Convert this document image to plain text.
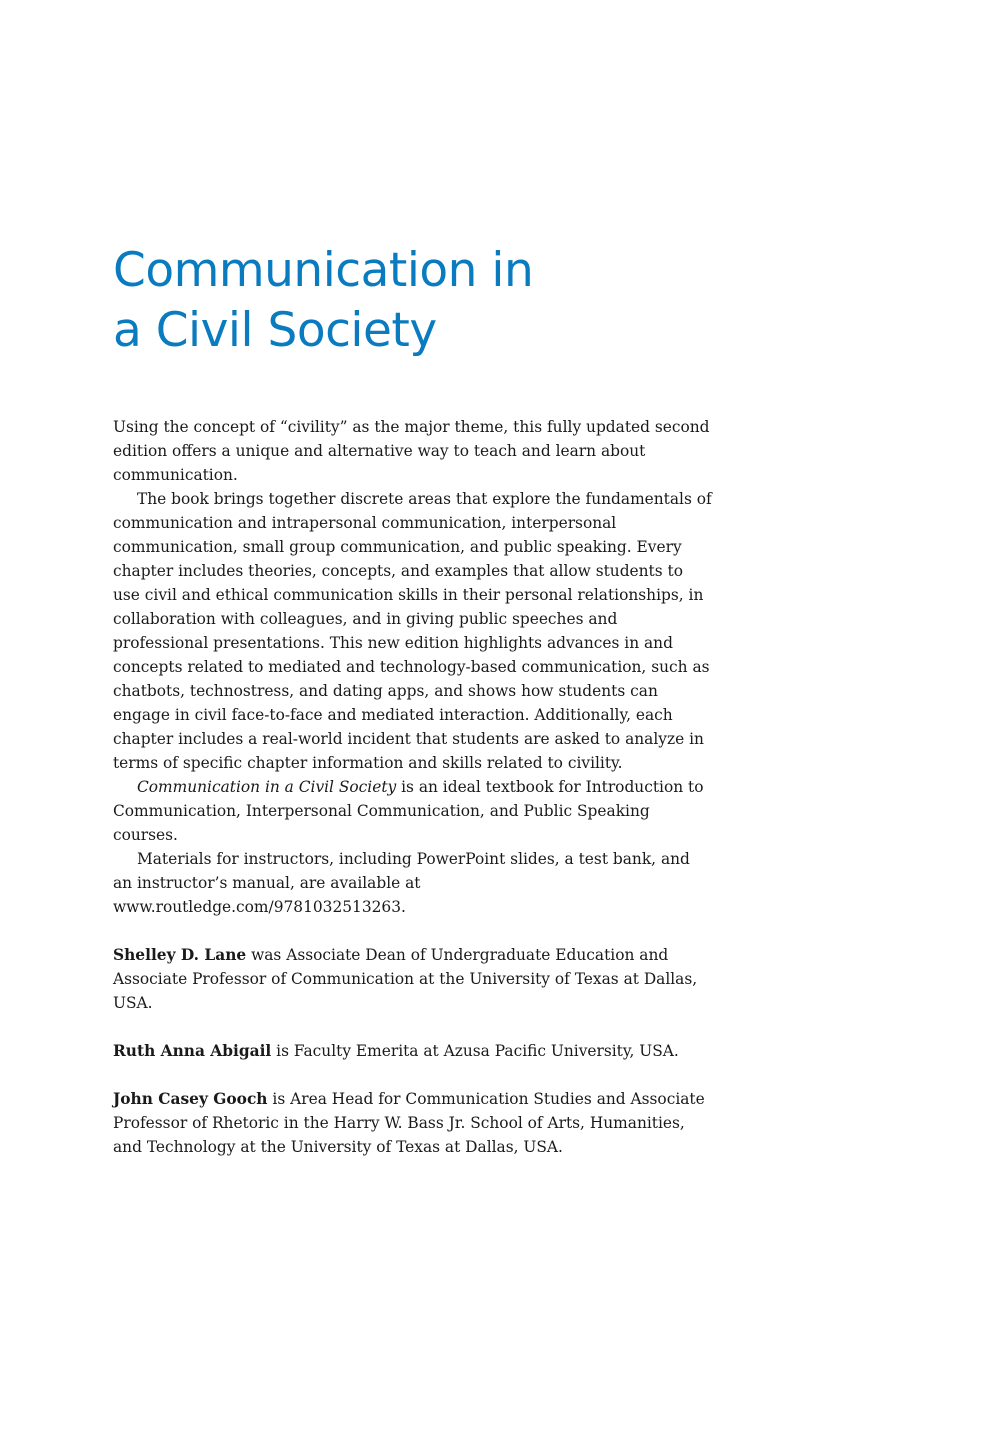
Communication in
a Civil Society

Using the concept of “civility” as the major theme, this fully updated second edition offers a unique and alternative way to teach and learn about communication.

The book brings together discrete areas that explore the fundamentals of communication and intrapersonal communication, interpersonal communication, small group communication, and public speaking. Every chapter includes theories, concepts, and examples that allow students to use civil and ethical communication skills in their personal relationships, in collaboration with colleagues, and in giving public speeches and professional presentations. This new edition highlights advances in and concepts related to mediated and technology-based communication, such as chatbots, technostress, and dating apps, and shows how students can engage in civil face-to-face and mediated interaction. Additionally, each chapter includes a real-world incident that students are asked to analyze in terms of specific chapter information and skills related to civility.

Communication in a Civil Society is an ideal textbook for Introduction to Communication, Interpersonal Communication, and Public Speaking courses.

Materials for instructors, including PowerPoint slides, a test bank, and an instructor’s manual, are available at www.routledge.com/9781032513263.

Shelley D. Lane was Associate Dean of Undergraduate Education and Associate Professor of Communication at the University of Texas at Dallas, USA.

Ruth Anna Abigail is Faculty Emerita at Azusa Pacific University, USA.

John Casey Gooch is Area Head for Communication Studies and Associate Professor of Rhetoric in the Harry W. Bass Jr. School of Arts, Humanities, and Technology at the University of Texas at Dallas, USA.
